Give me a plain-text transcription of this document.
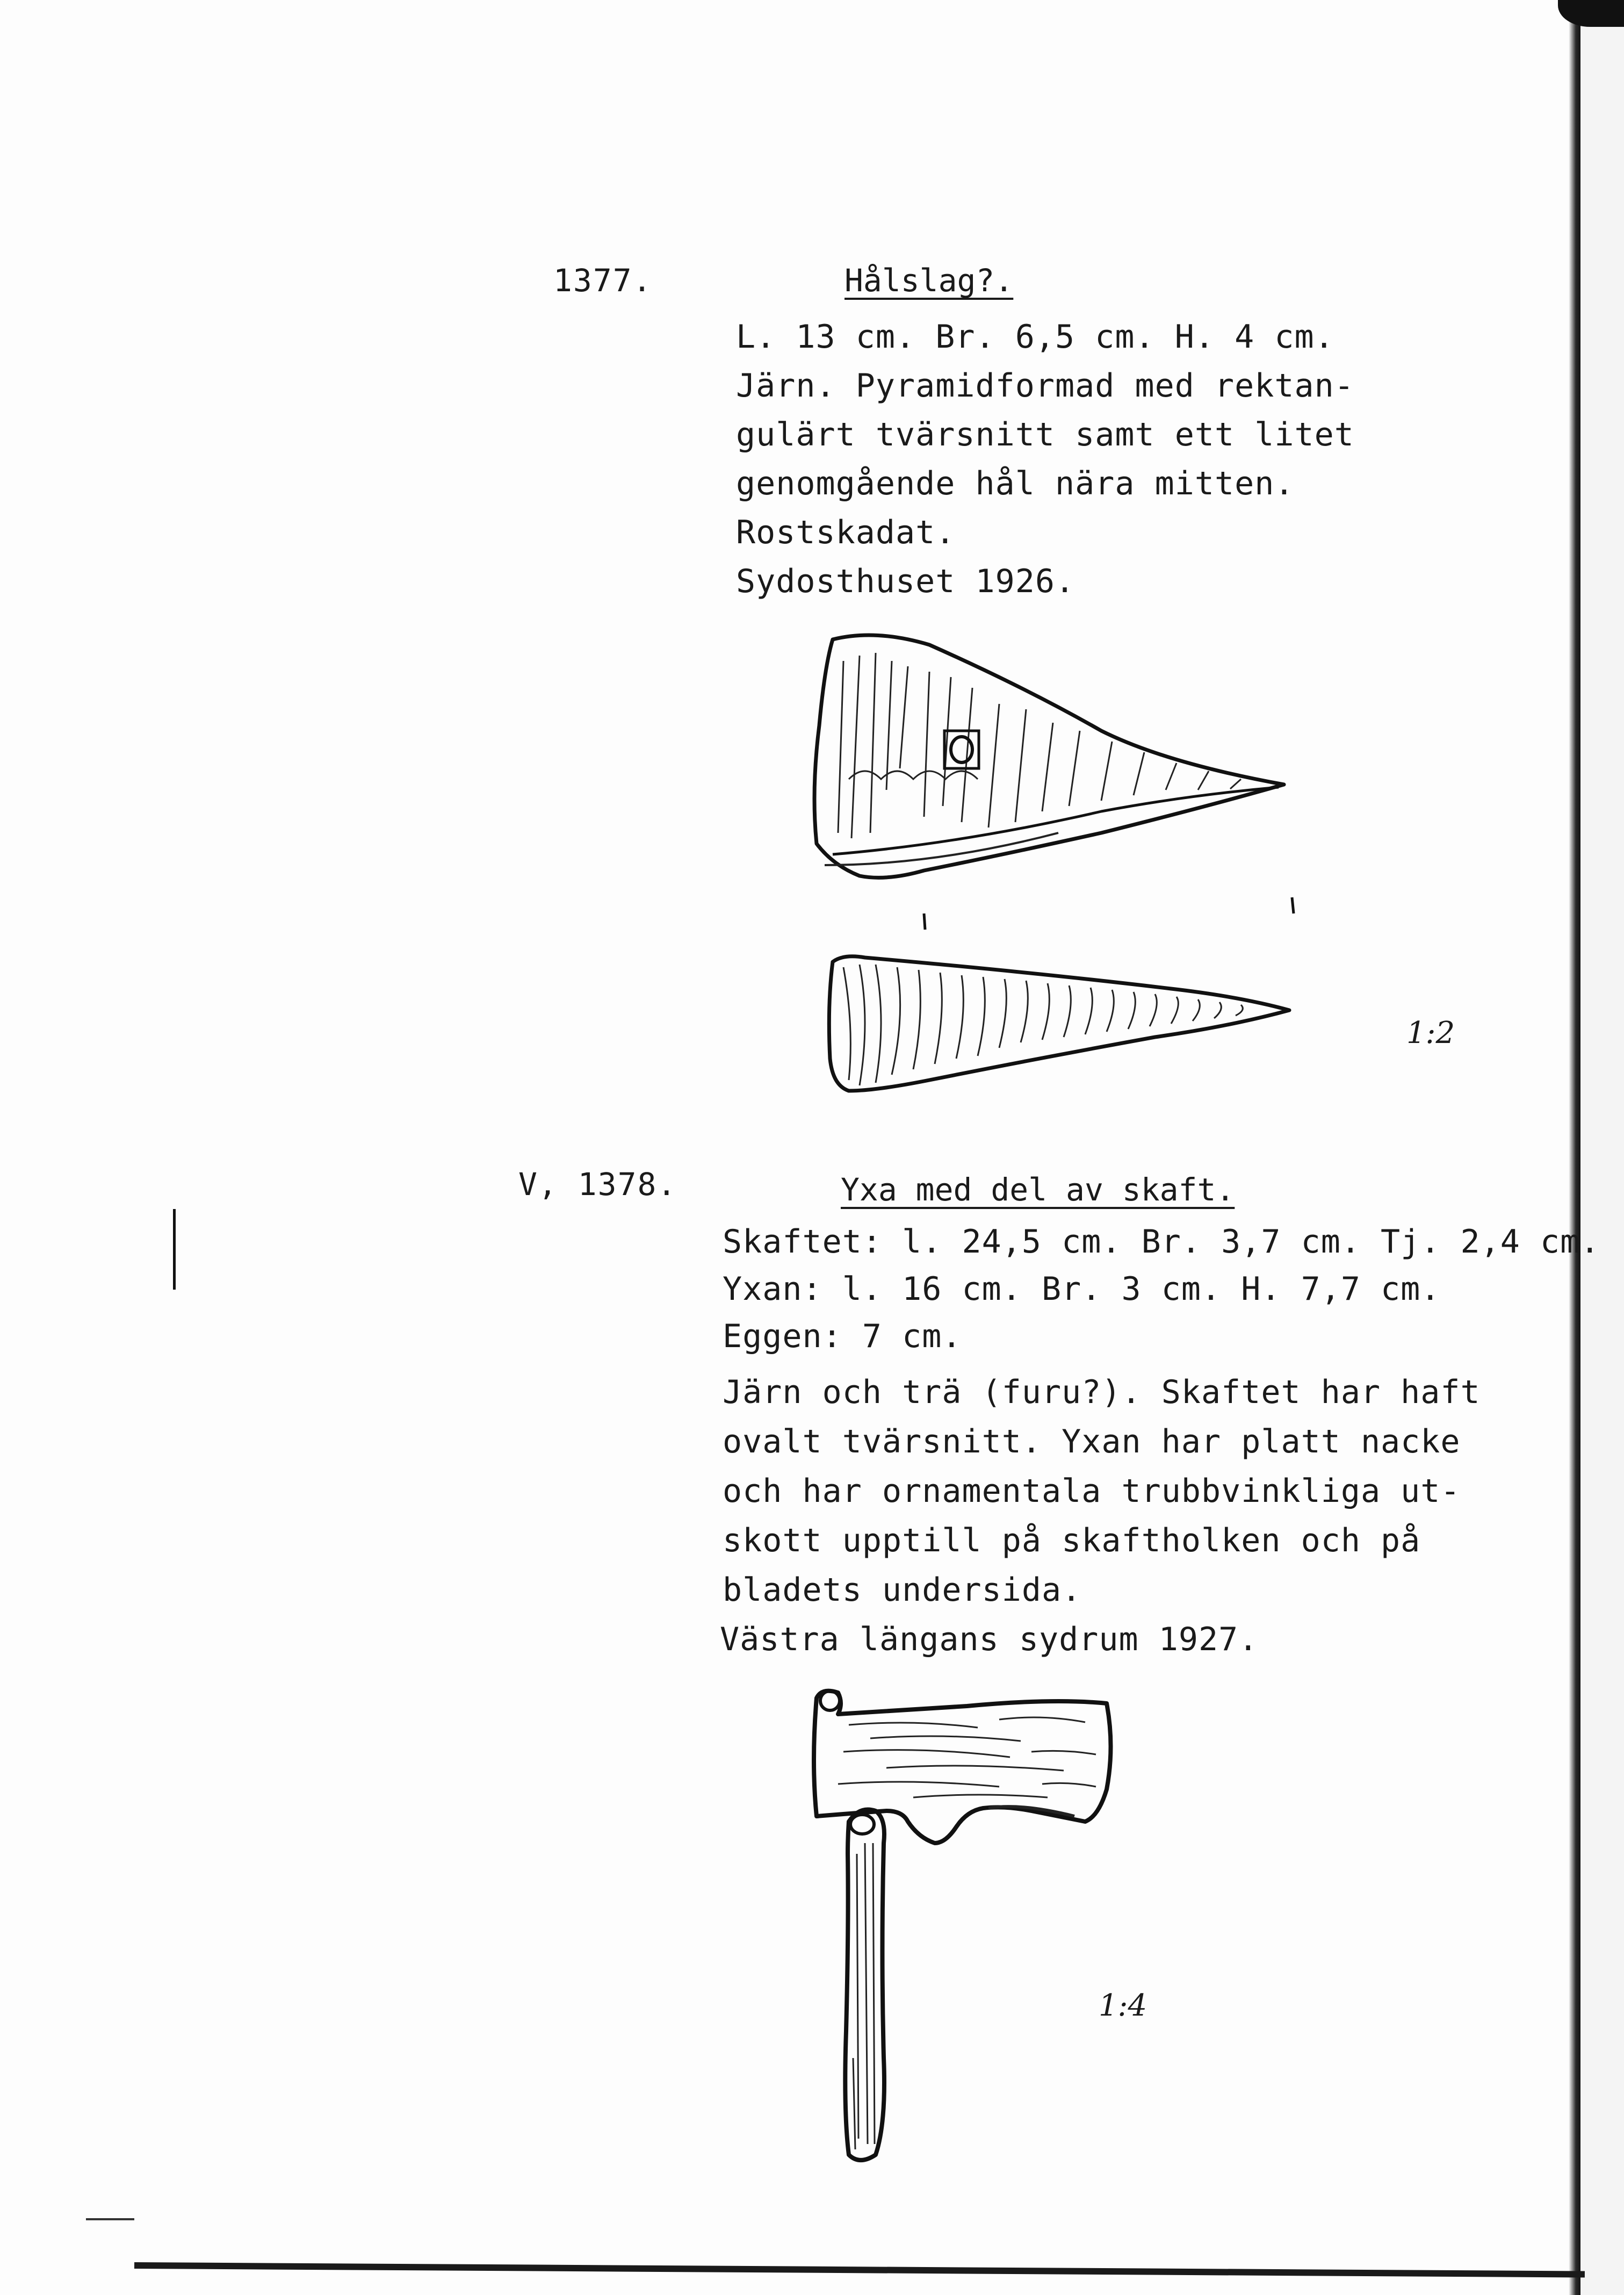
1377.	Hålslag?.
L. 13 cm. Br. 6,5 cm. H. 4 cm.
Järn. Pyramidformad med rektan-
gulärt tvärsnitt samt ett litet
genomgående hål nära mitten.
Rostskadat.
Sydosthuset 1926.
1:2
V, 1378.	Yxa med del av skaft.
Skaftet: l. 24,5 cm. Br. 3,7 cm. Tj. 2,4 cm.
Yxan: l. 16 cm. Br. 3 cm. H. 7,7 cm.
Eggen: 7 cm.
Järn och trä (furu?). Skaftet har haft
ovalt tvärsnitt. Yxan har platt nacke
och har ornamentala trubbvinkliga ut-
skott upptill på skaftholken och på
bladets undersida.
Västra längans sydrum 1927.
1:4
